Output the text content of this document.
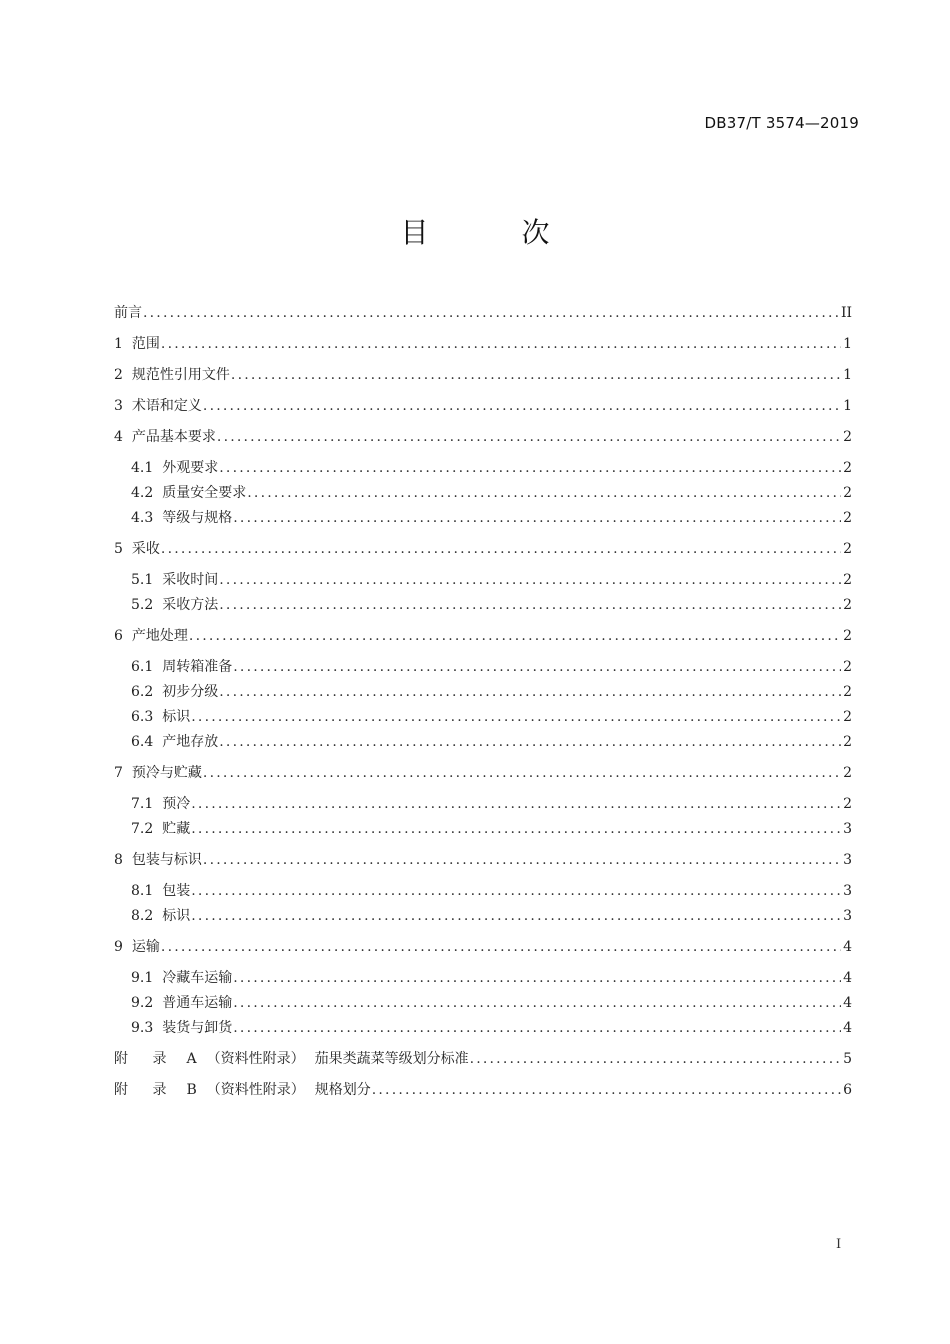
DB37/T 3574—2019
目 次
前言 .....	II
1 范围 .....	1
2 规范性引用文件 .....	1
3 术语和定义 .....	1
4 产品基本要求 .....	2
4.1 外观要求 .....	2
4.2 质量安全要求 .....	2
4.3 等级与规格 .....	2
5 采收 .....	2
5.1 采收时间 .....	2
5.2 采收方法 .....	2
6 产地处理 .....	2
6.1 周转箱准备 .....	2
6.2 初步分级 .....	2
6.3 标识 .....	2
6.4 产地存放 .....	2
7 预冷与贮藏 .....	2
7.1 预冷 .....	2
7.2 贮藏 .....	3
8 包装与标识 .....	3
8.1 包装 .....	3
8.2 标识 .....	3
9 运输 .....	4
9.1 冷藏车运输 .....	4
9.2 普通车运输 .....	4
9.3 装货与卸货 .....	4
附 录 A （资料性附录） 茄果类蔬菜等级划分标准 .....	5
附 录 B （资料性附录） 规格划分 .....	6
I
